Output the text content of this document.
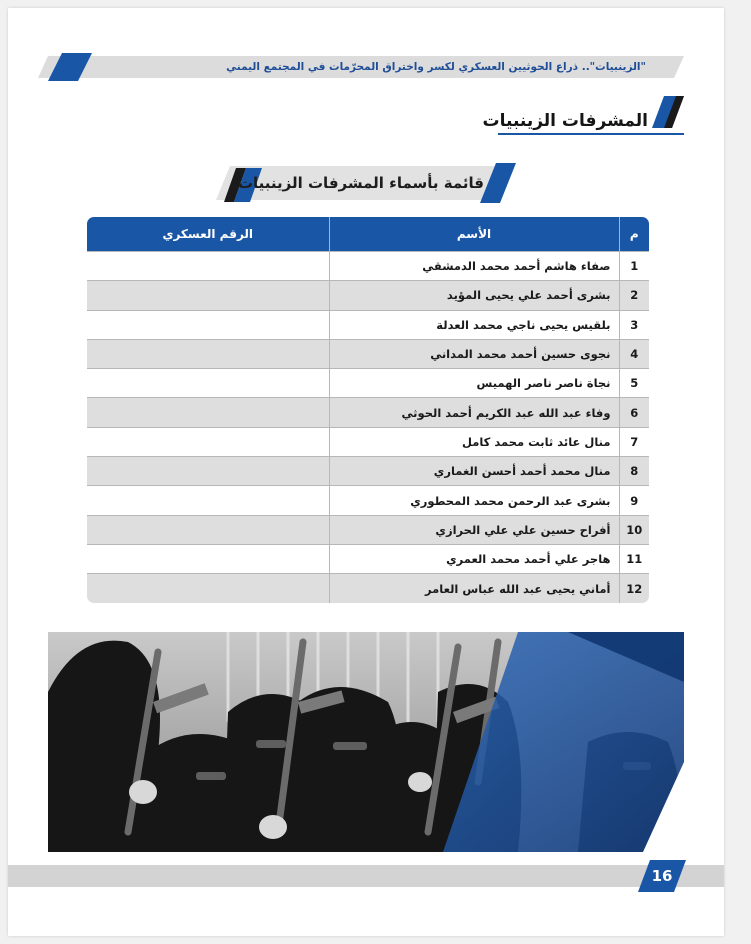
"الزينبيات".. ذراع الحوثيين العسكري لكسر واختراق المحرّمات في المجتمع اليمني
المشرفات الزينبيات
قائمة بأسماء المشرفات الزينبيات
م	الأسم	الرقم العسكري
1	صفاء هاشم أحمد محمد الدمشقي	
2	بشرى أحمد علي يحيى المؤيد	
3	بلقيس يحيى ناجي محمد العدلة	
4	نجوى حسين أحمد محمد المداني	
5	نجاة ناصر ناصر الهميس	
6	وفاء عبد الله عبد الكريم أحمد الحوثي	
7	منال عائد ثابت محمد كامل	
8	منال محمد أحمد أحسن الغماري	
9	بشرى عبد الرحمن محمد المحطوري	
10	أفراح حسين علي علي الحرازي	
11	هاجر علي أحمد محمد العمري	
12	أماني يحيى عبد الله عباس العامر	
16
